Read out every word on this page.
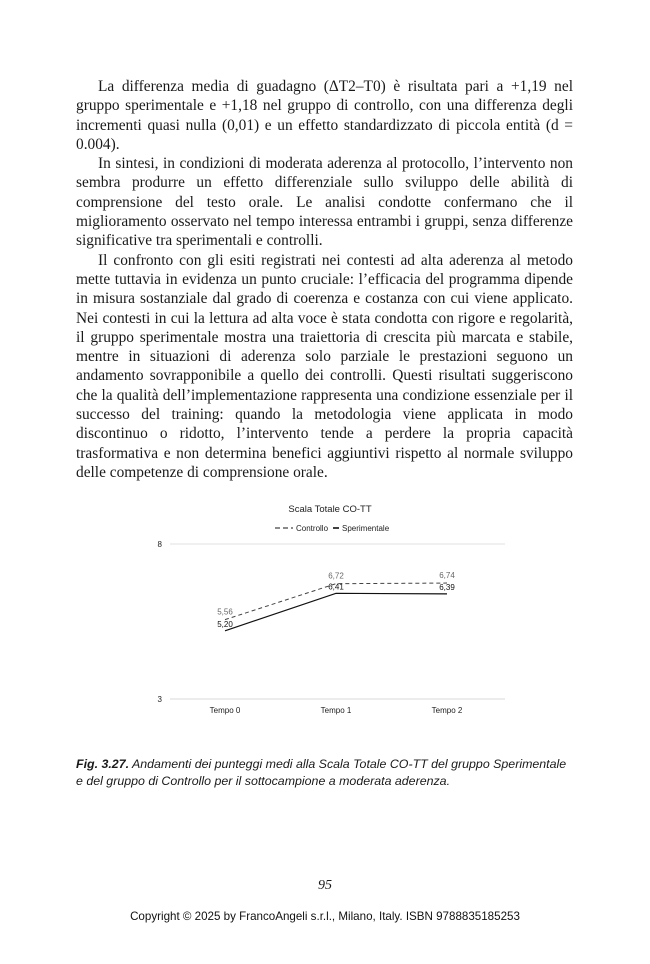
La differenza media di guadagno (ΔT2–T0) è risultata pari a +1,19 nel gruppo sperimentale e +1,18 nel gruppo di controllo, con una differenza degli incrementi quasi nulla (0,01) e un effetto standardizzato di piccola entità (d = 0.004).

In sintesi, in condizioni di moderata aderenza al protocollo, l’intervento non sembra produrre un effetto differenziale sullo sviluppo delle abilità di comprensione del testo orale. Le analisi condotte confermano che il miglioramento osservato nel tempo interessa entrambi i gruppi, senza differenze significative tra sperimentali e controlli.

Il confronto con gli esiti registrati nei contesti ad alta aderenza al metodo mette tuttavia in evidenza un punto cruciale: l’efficacia del programma dipende in misura sostanziale dal grado di coerenza e costanza con cui viene applicato. Nei contesti in cui la lettura ad alta voce è stata condotta con rigore e regolarità, il gruppo sperimentale mostra una traiettoria di crescita più marcata e stabile, mentre in situazioni di aderenza solo parziale le prestazioni seguono un andamento sovrapponibile a quello dei controlli. Questi risultati suggeriscono che la qualità dell’implementazione rappresenta una condizione essenziale per il successo del training: quando la metodologia viene applicata in modo discontinuo o ridotto, l’intervento tende a perdere la propria capacità trasformativa e non determina benefici aggiuntivi rispetto al normale sviluppo delle competenze di comprensione orale.

Scala Totale CO-TT
Controllo Sperimentale
8
3
Tempo 0	Tempo 1	Tempo 2
5,56
6,72	6,74
5,20
6,41	6,39
Fig. 3.27. Andamenti dei punteggi medi alla Scala Totale CO-TT del gruppo Sperimentale e del gruppo di Controllo per il sottocampione a moderata aderenza.
95
Copyright © 2025 by FrancoAngeli s.r.l., Milano, Italy. ISBN 9788835185253
